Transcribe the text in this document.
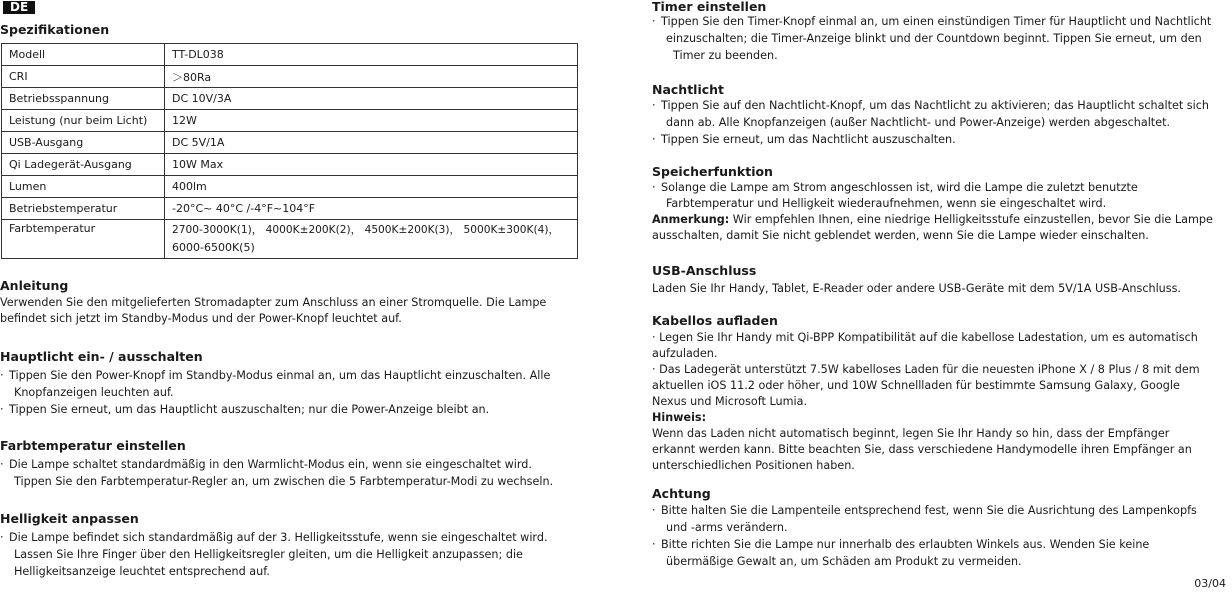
DE
Spezifikationen
Modell	TT-DL038
CRI	＞80Ra
Betriebsspannung	DC 10V/3A
Leistung (nur beim Licht)	12W
USB-Ausgang	DC 5V/1A
Qi Ladegerät-Ausgang	10W Max
Lumen	400lm
Betriebstemperatur	-20°C~ 40°C /-4°F~104°F
Farbtemperatur	2700-3000K(1)， 4000K±200K(2)， 4500K±200K(3)， 5000K±300K(4)，
6000-6500K(5)
Anleitung
Verwenden Sie den mitgelieferten Stromadapter zum Anschluss an einer Stromquelle. Die Lampe
befindet sich jetzt im Standby-Modus und der Power-Knopf leuchtet auf.
Hauptlicht ein- / ausschalten
· Tippen Sie den Power-Knopf im Standby-Modus einmal an, um das Hauptlicht einzuschalten. Alle
Knopfanzeigen leuchten auf.
· Tippen Sie erneut, um das Hauptlicht auszuschalten; nur die Power-Anzeige bleibt an.
Farbtemperatur einstellen
· Die Lampe schaltet standardmäßig in den Warmlicht-Modus ein, wenn sie eingeschaltet wird.
Tippen Sie den Farbtemperatur-Regler an, um zwischen die 5 Farbtemperatur-Modi zu wechseln.
Helligkeit anpassen
· Die Lampe befindet sich standardmäßig auf der 3. Helligkeitsstufe, wenn sie eingeschaltet wird.
Lassen Sie Ihre Finger über den Helligkeitsregler gleiten, um die Helligkeit anzupassen; die
Helligkeitsanzeige leuchtet entsprechend auf.
Timer einstellen
· Tippen Sie den Timer-Knopf einmal an, um einen einstündigen Timer für Hauptlicht und Nachtlicht
einzuschalten; die Timer-Anzeige blinkt und der Countdown beginnt. Tippen Sie erneut, um den
Timer zu beenden.
Nachtlicht
· Tippen Sie auf den Nachtlicht-Knopf, um das Nachtlicht zu aktivieren; das Hauptlicht schaltet sich
dann ab. Alle Knopfanzeigen (außer Nachtlicht- und Power-Anzeige) werden abgeschaltet.
· Tippen Sie erneut, um das Nachtlicht auszuschalten.
Speicherfunktion
· Solange die Lampe am Strom angeschlossen ist, wird die Lampe die zuletzt benutzte
Farbtemperatur und Helligkeit wiederaufnehmen, wenn sie eingeschaltet wird.
Anmerkung: Wir empfehlen Ihnen, eine niedrige Helligkeitsstufe einzustellen, bevor Sie die Lampe
ausschalten, damit Sie nicht geblendet werden, wenn Sie die Lampe wieder einschalten.
USB-Anschluss
Laden Sie Ihr Handy, Tablet, E-Reader oder andere USB-Geräte mit dem 5V/1A USB-Anschluss.
Kabellos aufladen
· Legen Sie Ihr Handy mit Qi-BPP Kompatibilität auf die kabellose Ladestation, um es automatisch
aufzuladen.
· Das Ladegerät unterstützt 7.5W kabelloses Laden für die neuesten iPhone X / 8 Plus / 8 mit dem
aktuellen iOS 11.2 oder höher, und 10W Schnellladen für bestimmte Samsung Galaxy, Google
Nexus und Microsoft Lumia.
Hinweis:
Wenn das Laden nicht automatisch beginnt, legen Sie Ihr Handy so hin, dass der Empfänger
erkannt werden kann. Bitte beachten Sie, dass verschiedene Handymodelle ihren Empfänger an
unterschiedlichen Positionen haben.
Achtung
· Bitte halten Sie die Lampenteile entsprechend fest, wenn Sie die Ausrichtung des Lampenkopfs
und -arms verändern.
· Bitte richten Sie die Lampe nur innerhalb des erlaubten Winkels aus. Wenden Sie keine
übermäßige Gewalt an, um Schäden am Produkt zu vermeiden.
03/04
